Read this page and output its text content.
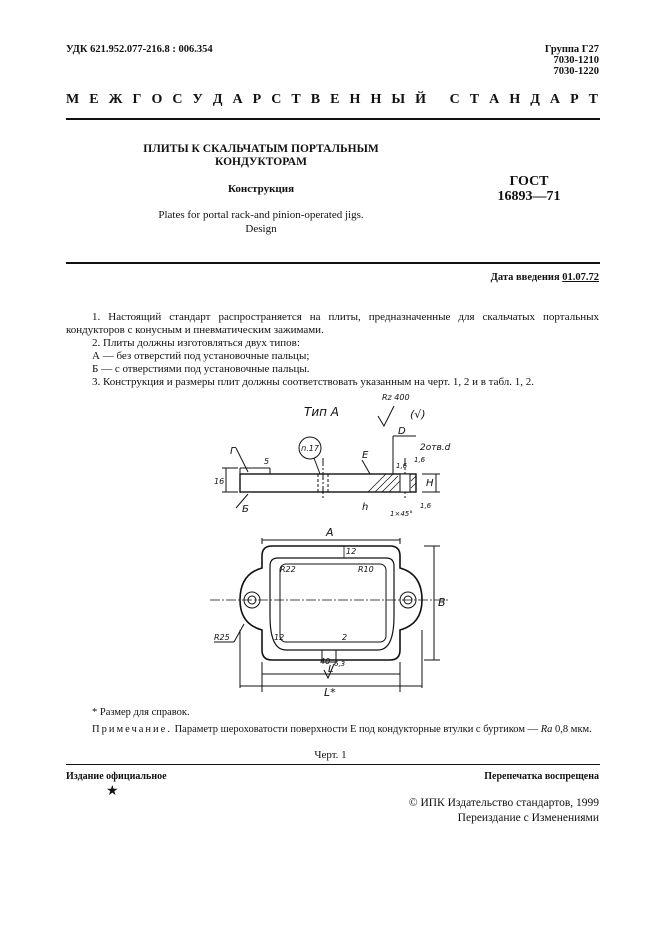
УДК 621.952.077-216.8 : 006.354	Группа Г27
7030-1210
7030-1220
М Е Ж Г О С У Д А Р С Т В Е Н Н Ы Й
С Т А Н Д А Р Т
ПЛИТЫ К СКАЛЬЧАТЫМ ПОРТАЛЬНЫМ
КОНДУКТОРАМ
Конструкция
Plates for portal rack-and pinion-operated jigs.
Design
ГОСТ
16893—71
Дата введения 01.07.72
1. Настоящий стандарт распространяется на плиты, предназначенные для скальчатых портальных кондукторов с конусным и пневматическим зажимами.
2. Плиты должны изготовляться двух типов:
А — без отверстий под установочные пальцы;
Б — с отверстиями под установочные пальцы.
3. Конструкция и размеры плит должны соответствовать указанным на черт. 1, 2 и в табл. 1, 2.
Тип А
Rz 400
(√)
п.17
Г
Б
E
D
2отв.d
1,6
1,6
1,6
H
h
1×45°
16
5
A
B
L
L*
12
R22	R10
R25	12	2
40 6,3
* Размер для справок.
Примечание. Параметр шероховатости поверхности Е под кондукторные втулки с буртиком — Ra 0,8 мкм.
Черт. 1
Издание официальное
★
Перепечатка воспрещена
© ИПК Издательство стандартов, 1999
Переиздание с Изменениями
